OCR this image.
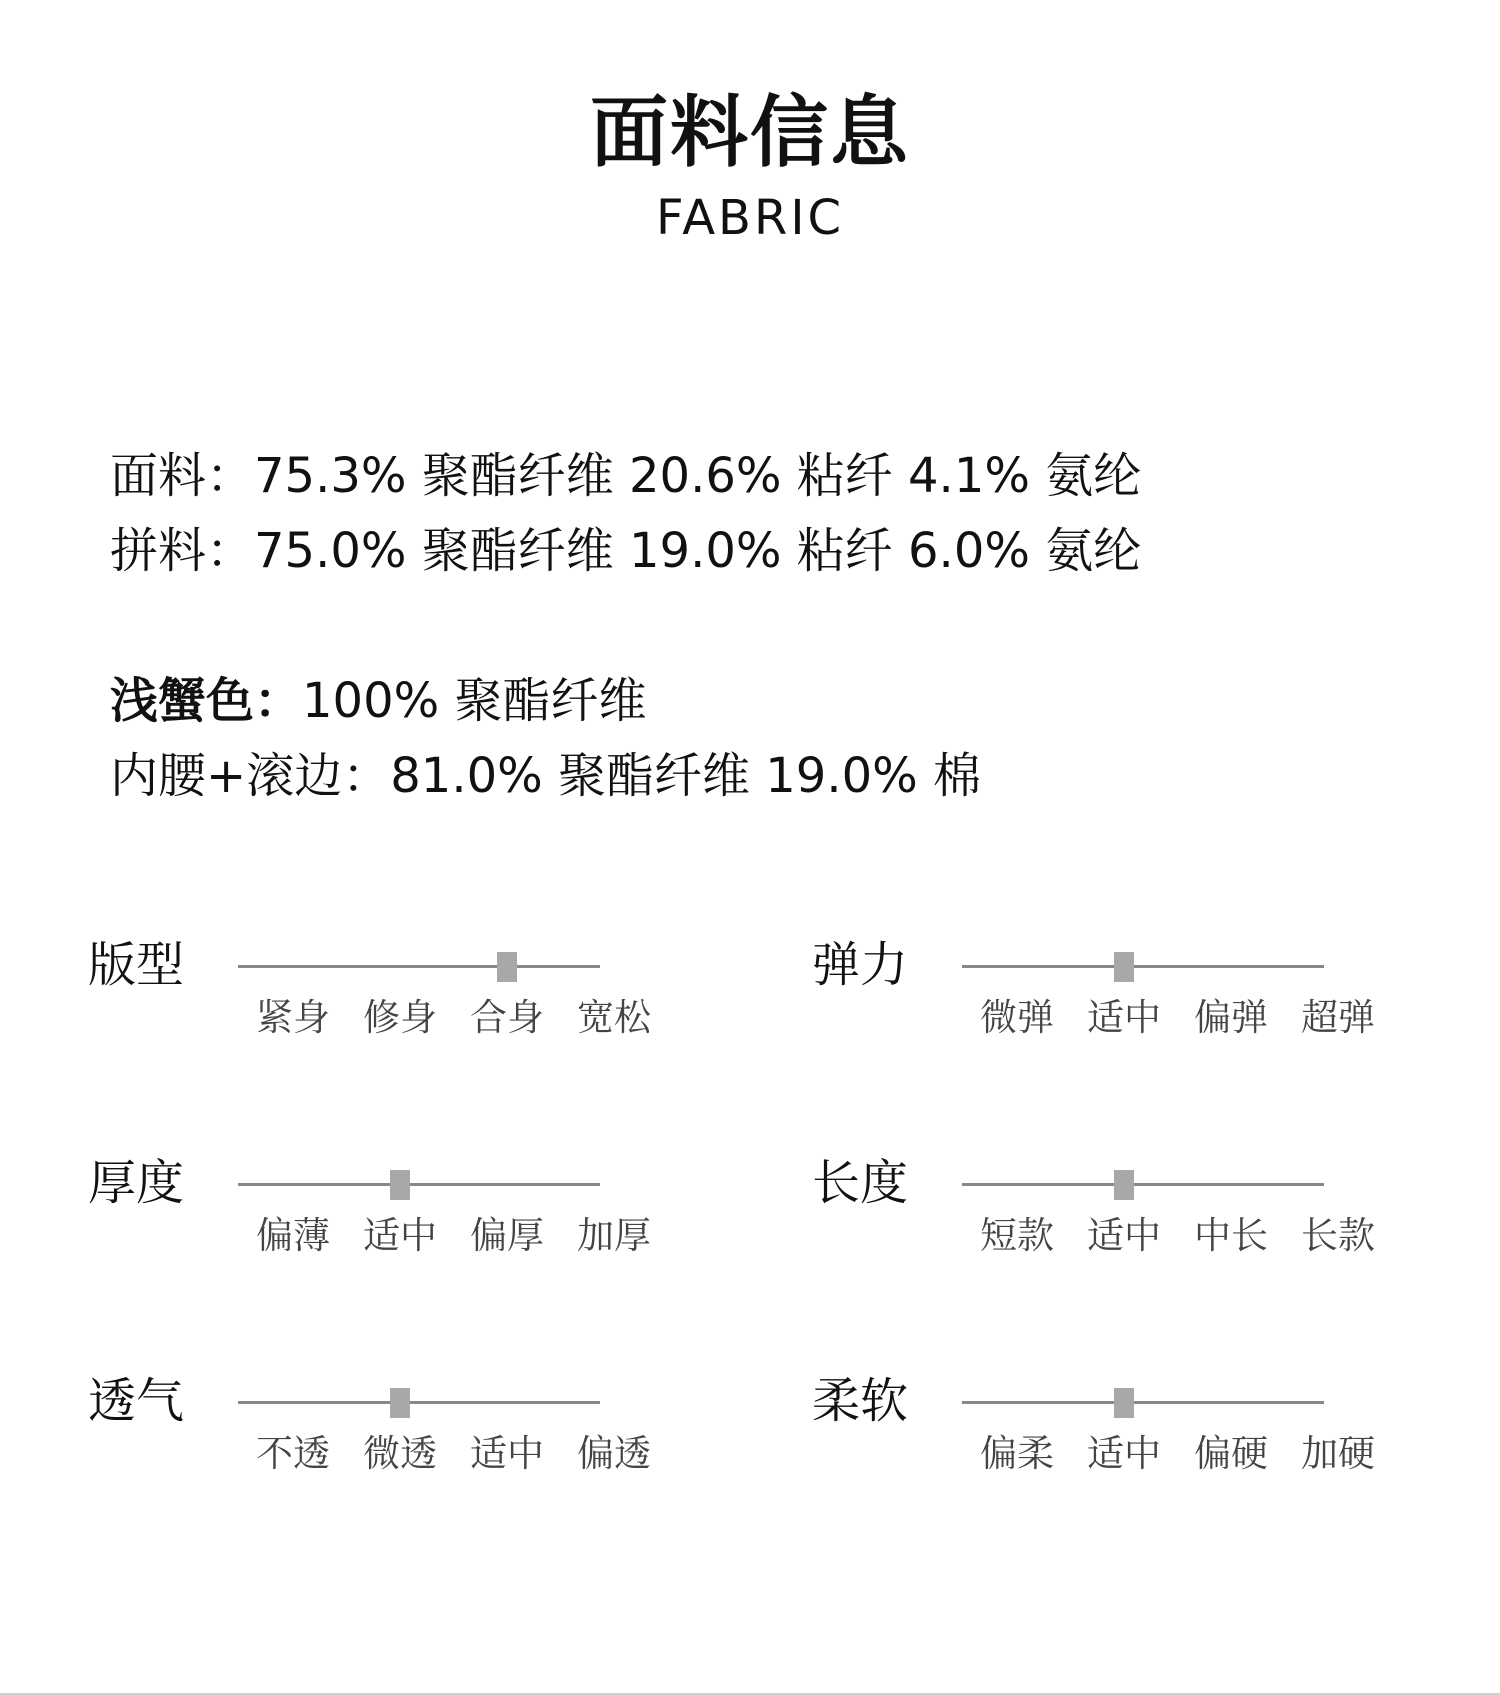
面料信息
FABRIC
面料：75.3% 聚酯纤维 20.6% 粘纤 4.1% 氨纶
拼料：75.0% 聚酯纤维 19.0% 粘纤 6.0% 氨纶
浅蟹色：100% 聚酯纤维
内腰+滚边：81.0% 聚酯纤维 19.0% 棉
版型
紧身 修身 合身 宽松
弹力
微弹 适中 偏弹 超弹
厚度
偏薄 适中 偏厚 加厚
长度
短款 适中 中长 长款
透气
不透 微透 适中 偏透
柔软
偏柔 适中 偏硬 加硬
